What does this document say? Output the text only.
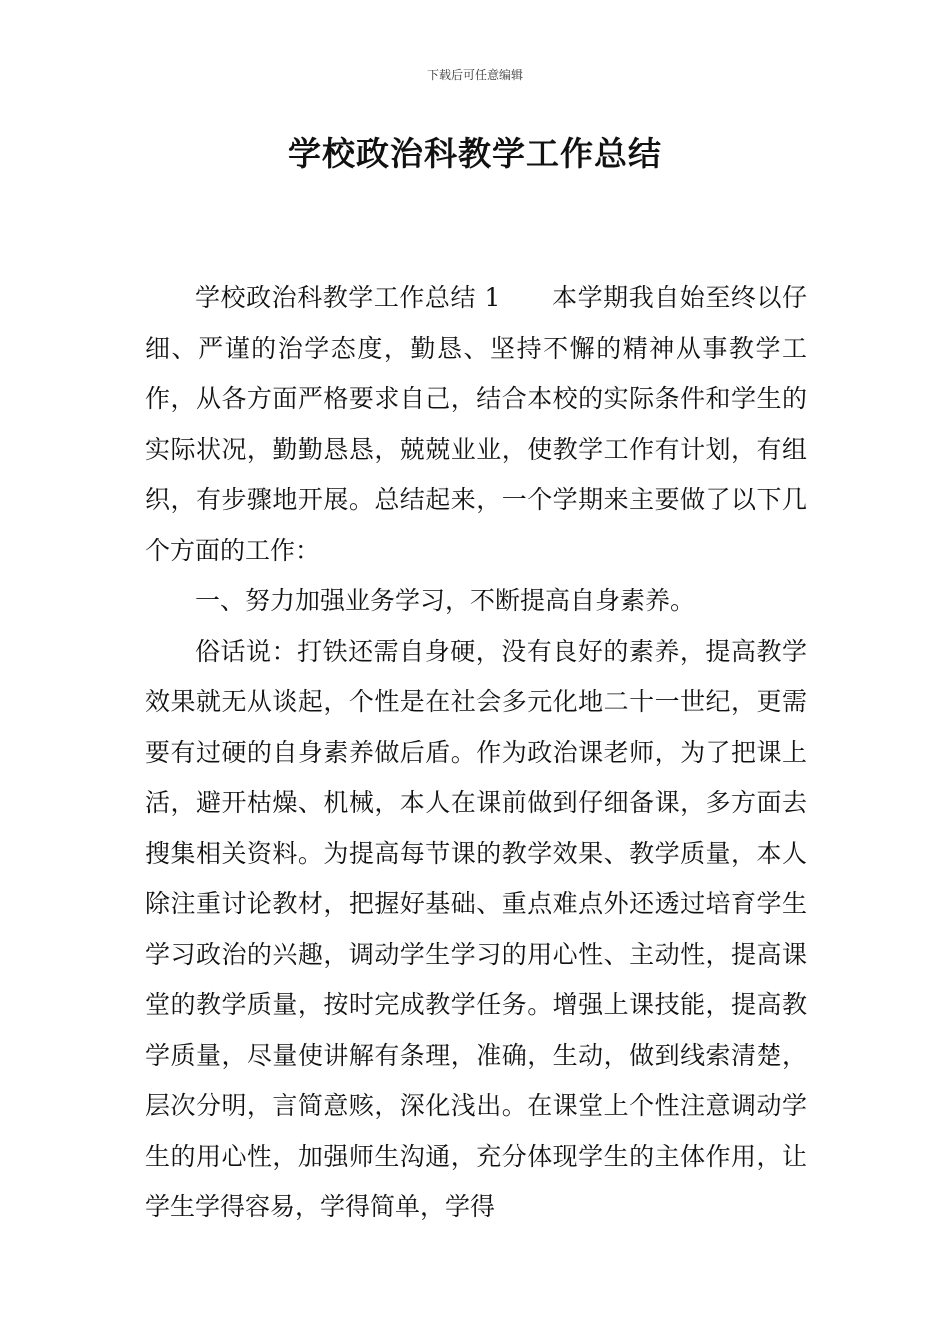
下载后可任意编辑
学校政治科教学工作总结

学校政治科教学工作总结 1　　本学期我自始至终以仔细、严谨的治学态度，勤恳、坚持不懈的精神从事教学工作，从各方面严格要求自己，结合本校的实际条件和学生的实际状况，勤勤恳恳，兢兢业业，使教学工作有计划，有组织，有步骤地开展。总结起来，一个学期来主要做了以下几个方面的工作：

一、努力加强业务学习，不断提高自身素养。

俗话说：打铁还需自身硬，没有良好的素养，提高教学效果就无从谈起，个性是在社会多元化地二十一世纪，更需要有过硬的自身素养做后盾。作为政治课老师，为了把课上活，避开枯燥、机械，本人在课前做到仔细备课，多方面去搜集相关资料。为提高每节课的教学效果、教学质量，本人除注重讨论教材，把握好基础、重点难点外还透过培育学生学习政治的兴趣，调动学生学习的用心性、主动性，提高课堂的教学质量，按时完成教学任务。增强上课技能，提高教学质量，尽量使讲解有条理，准确，生动，做到线索清楚，层次分明，言简意赅，深化浅出。在课堂上个性注意调动学生的用心性，加强师生沟通，充分体现学生的主体作用，让学生学得容易，学得简单，学得
